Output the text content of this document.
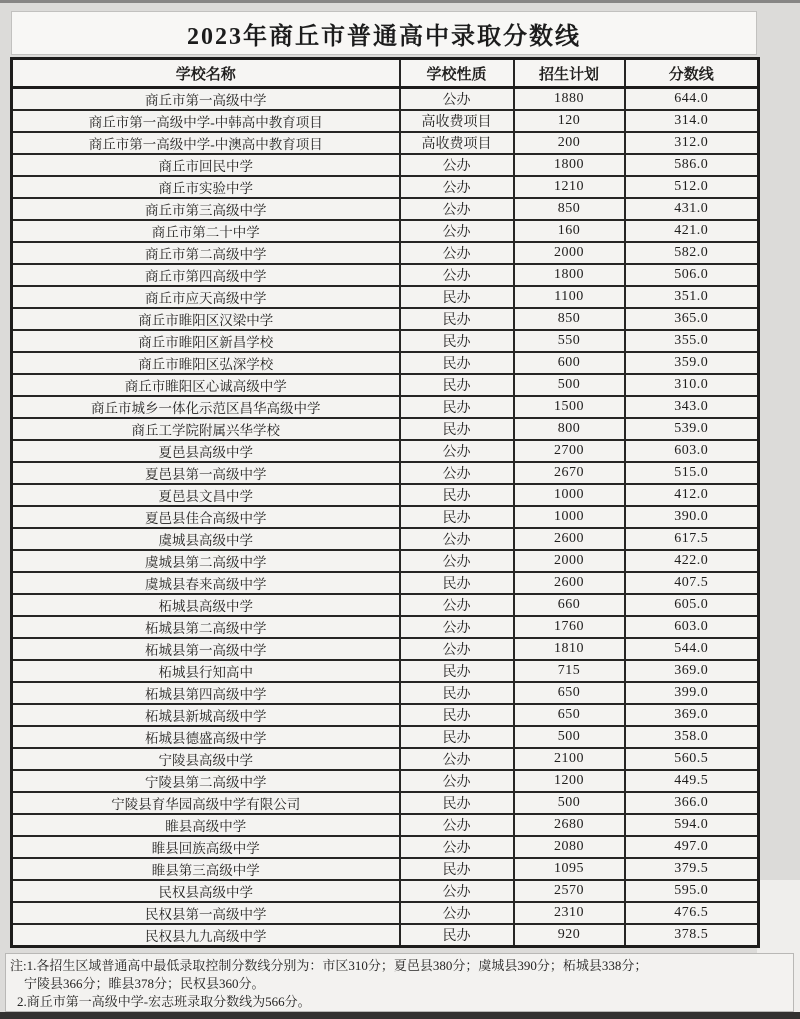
2023年商丘市普通高中录取分数线
学校名称	学校性质	招生计划	分数线
商丘市第一高级中学	公办	1880	644.0
商丘市第一高级中学-中韩高中教育项目	高收费项目	120	314.0
商丘市第一高级中学-中澳高中教育项目	高收费项目	200	312.0
商丘市回民中学	公办	1800	586.0
商丘市实验中学	公办	1210	512.0
商丘市第三高级中学	公办	850	431.0
商丘市第二十中学	公办	160	421.0
商丘市第二高级中学	公办	2000	582.0
商丘市第四高级中学	公办	1800	506.0
商丘市应天高级中学	民办	1100	351.0
商丘市睢阳区汉梁中学	民办	850	365.0
商丘市睢阳区新昌学校	民办	550	355.0
商丘市睢阳区弘深学校	民办	600	359.0
商丘市睢阳区心诚高级中学	民办	500	310.0
商丘市城乡一体化示范区昌华高级中学	民办	1500	343.0
商丘工学院附属兴华学校	民办	800	539.0
夏邑县高级中学	公办	2700	603.0
夏邑县第一高级中学	公办	2670	515.0
夏邑县文昌中学	民办	1000	412.0
夏邑县佳合高级中学	民办	1000	390.0
虞城县高级中学	公办	2600	617.5
虞城县第二高级中学	公办	2000	422.0
虞城县春来高级中学	民办	2600	407.5
柘城县高级中学	公办	660	605.0
柘城县第二高级中学	公办	1760	603.0
柘城县第一高级中学	公办	1810	544.0
柘城县行知高中	民办	715	369.0
柘城县第四高级中学	民办	650	399.0
柘城县新城高级中学	民办	650	369.0
柘城县德盛高级中学	民办	500	358.0
宁陵县高级中学	公办	2100	560.5
宁陵县第二高级中学	公办	1200	449.5
宁陵县育华园高级中学有限公司	民办	500	366.0
睢县高级中学	公办	2680	594.0
睢县回族高级中学	公办	2080	497.0
睢县第三高级中学	民办	1095	379.5
民权县高级中学	公办	2570	595.0
民权县第一高级中学	公办	2310	476.5
民权县九九高级中学	民办	920	378.5
注:1.各招生区域普通高中最低录取控制分数线分别为：市区310分；夏邑县380分；虞城县390分；柘城县338分；
宁陵县366分；睢县378分；民权县360分。
2.商丘市第一高级中学-宏志班录取分数线为566分。
